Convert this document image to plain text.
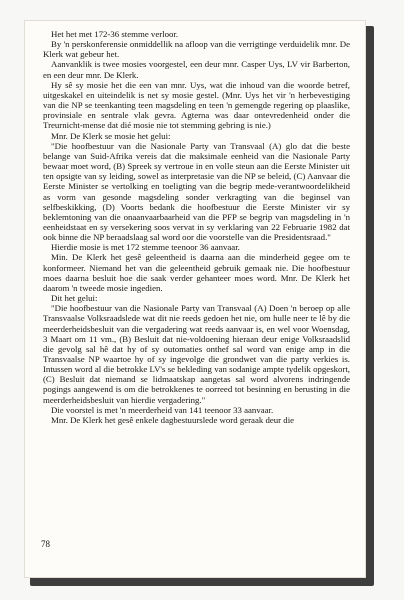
Het het met 172-36 stemme verloor.

By 'n perskonferensie onmiddellik na afloop van die verrigtinge verduidelik mnr. De Klerk wat gebeur het.

Aanvanklik is twee mosies voorgestel, een deur mnr. Casper Uys, LV vir Barberton, en een deur mnr. De Klerk.

Hy sê sy mosie het die een van mnr. Uys, wat die inhoud van die woorde betref, uitgeskakel en uiteindelik is net sy mosie gestel. (Mnr. Uys het vir 'n herbevestiging van die NP se teenkanting teen magsdeling en teen 'n gemengde regering op plaaslike, provinsiale en sentrale vlak gevra. Agterna was daar ontevredenheid onder die Treurnicht-mense dat dié mosie nie tot stemming gebring is nie.)

Mnr. De Klerk se mosie het gelui:

"Die hoofbestuur van die Nasionale Party van Transvaal (A) glo dat die beste belange van Suid-Afrika vereis dat die maksimale eenheid van die Nasionale Party bewaar moet word, (B) Spreek sy vertroue in en volle steun aan die Eerste Minister uit ten opsigte van sy leiding, sowel as interpretasie van die NP se beleid, (C) Aanvaar die Eerste Minister se vertolking en toeligting van die begrip mede-verantwoordelikheid as vorm van gesonde magsdeling sonder verkragting van die beginsel van selfbeskikking, (D) Voorts bedank die hoofbestuur die Eerste Minister vir sy beklemtoning van die onaanvaarbaarheid van die PFP se begrip van magsdeling in 'n eenheidstaat en sy versekering soos vervat in sy verklaring van 22 Februarie 1982 dat ook binne die NP beraadslaag sal word oor die voorstelle van die Presidentsraad."

Hierdie mosie is met 172 stemme teenoor 36 aanvaar.

Min. De Klerk het gesê geleentheid is daarna aan die minderheid gegee om te konformeer. Niemand het van die geleentheid gebruik gemaak nie. Die hoofbestuur moes daarna besluit hoe die saak verder gehanteer moes word. Mnr. De Klerk het daarom 'n tweede mosie ingedien.

Dit het gelui:

"Die hoofbestuur van die Nasionale Party van Transvaal (A) Doen 'n beroep op alle Transvaalse Volksraadslede wat dit nie reeds gedoen het nie, om hulle neer te lê by die meerderheidsbesluit van die vergadering wat reeds aanvaar is, en wel voor Woensdag, 3 Maart om 11 vm., (B) Besluit dat nie-voldoening hieraan deur enige Volksraadslid die gevolg sal hê dat hy of sy outomaties onthef sal word van enige amp in die Transvaalse NP waartoe hy of sy ingevolge die grondwet van die party verkies is. Intussen word al die betrokke LV's se bekleding van sodanige ampte tydelik opgeskort, (C) Besluit dat niemand se lidmaatskap aangetas sal word alvorens indringende pogings aangewend is om die betrokkenes te oorreed tot besinning en berusting in die meerderheidsbesluit van hierdie vergadering."

Die voorstel is met 'n meerderheid van 141 teenoor 33 aanvaar.

Mnr. De Klerk het gesê enkele dagbestuurslede word geraak deur die

78
